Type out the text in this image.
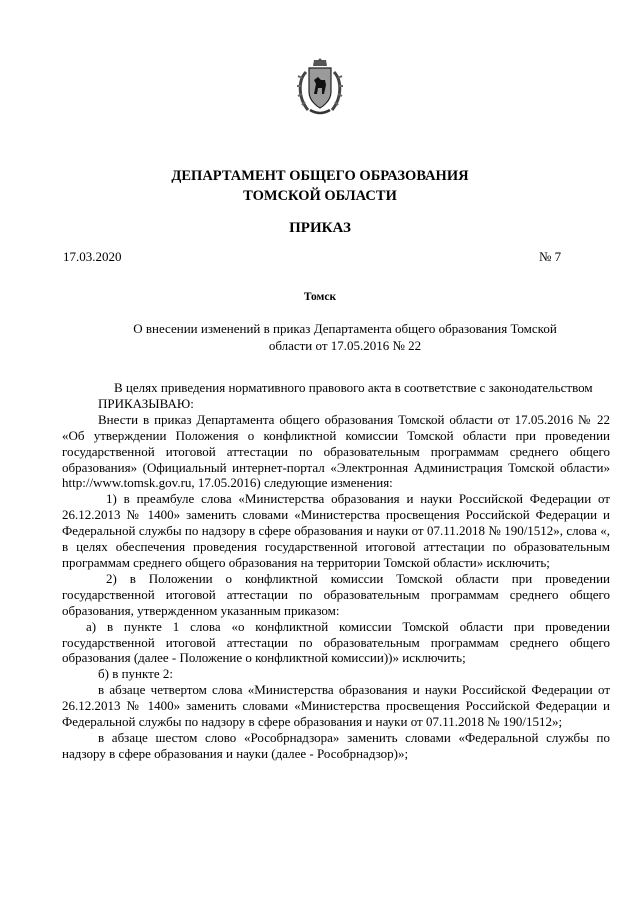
ДЕПАРТАМЕНТ ОБЩЕГО ОБРАЗОВАНИЯ
ТОМСКОЙ ОБЛАСТИ
ПРИКАЗ
17.03.2020	№ 7
Томск
О внесении изменений в приказ Департамента общего образования Томской области от 17.05.2016 № 22

В целях приведения нормативного правового акта в соответствие с законодательством

ПРИКАЗЫВАЮ:

Внести в приказ Департамента общего образования Томской области от 17.05.2016 № 22 «Об утверждении Положения о конфликтной комиссии Томской области при проведении государственной итоговой аттестации по образовательным программам среднего общего образования» (Официальный интернет-портал «Электронная Администрация Томской области» http://www.tomsk.gov.ru, 17.05.2016) следующие изменения:

1) в преамбуле слова «Министерства образования и науки Российской Федерации от 26.12.2013 № 1400» заменить словами «Министерства просвещения Российской Федерации и Федеральной службы по надзору в сфере образования и науки от 07.11.2018 № 190/1512», слова «, в целях обеспечения проведения государственной итоговой аттестации по образовательным программам среднего общего образования на территории Томской области» исключить;

2) в Положении о конфликтной комиссии Томской области при проведении государственной итоговой аттестации по образовательным программам среднего общего образования, утвержденном указанным приказом:

а) в пункте 1 слова «о конфликтной комиссии Томской области при проведении государственной итоговой аттестации по образовательным программам среднего общего образования (далее - Положение о конфликтной комиссии))» исключить;

б) в пункте 2:

в абзаце четвертом слова «Министерства образования и науки Российской Федерации от 26.12.2013 № 1400» заменить словами «Министерства просвещения Российской Федерации и Федеральной службы по надзору в сфере образования и науки от 07.11.2018 № 190/1512»;

в абзаце шестом слово «Рособрнадзора» заменить словами «Федеральной службы по надзору в сфере образования и науки (далее - Рособрнадзор)»;
